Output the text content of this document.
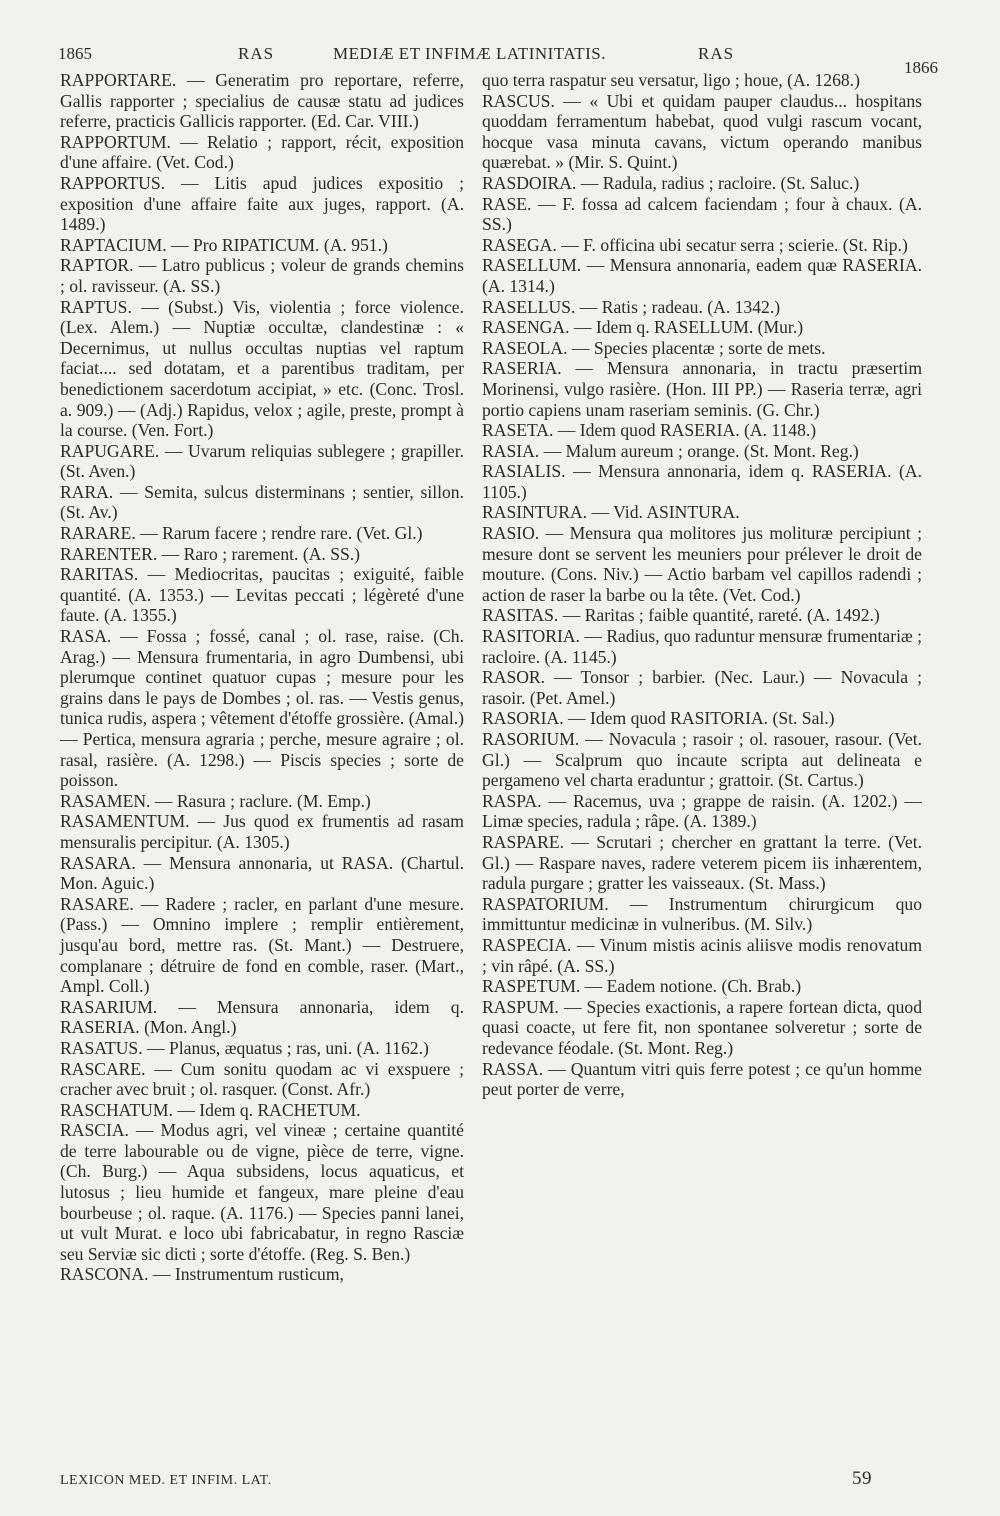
1865	RAS	MEDIÆ ET INFIMÆ LATINITATIS.	RAS
1866

RAPPORTARE. — Generatim pro reportare, referre, Gallis rapporter ; specialius de causæ statu ad judices referre, practicis Gallicis rapporter. (Ed. Car. VIII.)

RAPPORTUM. — Relatio ; rapport, récit, exposition d'une affaire. (Vet. Cod.)

RAPPORTUS. — Litis apud judices expositio ; exposition d'une affaire faite aux juges, rapport. (A. 1489.)

RAPTACIUM. — Pro RIPATICUM. (A. 951.)

RAPTOR. — Latro publicus ; voleur de grands chemins ; ol. ravisseur. (A. SS.)

RAPTUS. — (Subst.) Vis, violentia ; force violence. (Lex. Alem.) — Nuptiæ occultæ, clandestinæ : « Decernimus, ut nullus occultas nuptias vel raptum faciat.... sed dotatam, et a parentibus traditam, per benedictionem sacerdotum accipiat, » etc. (Conc. Trosl. a. 909.) — (Adj.) Rapidus, velox ; agile, preste, prompt à la course. (Ven. Fort.)

RAPUGARE. — Uvarum reliquias sublegere ; grapiller. (St. Aven.)

RARA. — Semita, sulcus disterminans ; sentier, sillon. (St. Av.)

RARARE. — Rarum facere ; rendre rare. (Vet. Gl.)

RARENTER. — Raro ; rarement. (A. SS.)

RARITAS. — Mediocritas, paucitas ; exiguité, faible quantité. (A. 1353.) — Levitas peccati ; légèreté d'une faute. (A. 1355.)

RASA. — Fossa ; fossé, canal ; ol. rase, raise. (Ch. Arag.) — Mensura frumentaria, in agro Dumbensi, ubi plerumque continet quatuor cupas ; mesure pour les grains dans le pays de Dombes ; ol. ras. — Vestis genus, tunica rudis, aspera ; vêtement d'étoffe grossière. (Amal.) — Pertica, mensura agraria ; perche, mesure agraire ; ol. rasal, rasière. (A. 1298.) — Piscis species ; sorte de poisson.

RASAMEN. — Rasura ; raclure. (M. Emp.)

RASAMENTUM. — Jus quod ex frumentis ad rasam mensuralis percipitur. (A. 1305.)

RASARA. — Mensura annonaria, ut RASA. (Chartul. Mon. Aguic.)

RASARE. — Radere ; racler, en parlant d'une mesure. (Pass.) — Omnino implere ; remplir entièrement, jusqu'au bord, mettre ras. (St. Mant.) — Destruere, complanare ; détruire de fond en comble, raser. (Mart., Ampl. Coll.)

RASARIUM. — Mensura annonaria, idem q. RASERIA. (Mon. Angl.)

RASATUS. — Planus, æquatus ; ras, uni. (A. 1162.)

RASCARE. — Cum sonitu quodam ac vi exspuere ; cracher avec bruit ; ol. rasquer. (Const. Afr.)

RASCHATUM. — Idem q. RACHETUM.

RASCIA. — Modus agri, vel vineæ ; certaine quantité de terre labourable ou de vigne, pièce de terre, vigne. (Ch. Burg.) — Aqua subsidens, locus aquaticus, et lutosus ; lieu humide et fangeux, mare pleine d'eau bourbeuse ; ol. raque. (A. 1176.) — Species panni lanei, ut vult Murat. e loco ubi fabricabatur, in regno Rasciæ seu Serviæ sic dicti ; sorte d'étoffe. (Reg. S. Ben.)

RASCONA. — Instrumentum rusticum,

quo terra raspatur seu versatur, ligo ; houe, (A. 1268.)

RASCUS. — « Ubi et quidam pauper claudus... hospitans quoddam ferramentum habebat, quod vulgi rascum vocant, hocque vasa minuta cavans, victum operando manibus quærebat. » (Mir. S. Quint.)

RASDOIRA. — Radula, radius ; racloire. (St. Saluc.)

RASE. — F. fossa ad calcem faciendam ; four à chaux. (A. SS.)

RASEGA. — F. officina ubi secatur serra ; scierie. (St. Rip.)

RASELLUM. — Mensura annonaria, eadem quæ RASERIA. (A. 1314.)

RASELLUS. — Ratis ; radeau. (A. 1342.)

RASENGA. — Idem q. RASELLUM. (Mur.)

RASEOLA. — Species placentæ ; sorte de mets.

RASERIA. — Mensura annonaria, in tractu præsertim Morinensi, vulgo rasière. (Hon. III PP.) — Raseria terræ, agri portio capiens unam raseriam seminis. (G. Chr.)

RASETA. — Idem quod RASERIA. (A. 1148.)

RASIA. — Malum aureum ; orange. (St. Mont. Reg.)

RASIALIS. — Mensura annonaria, idem q. RASERIA. (A. 1105.)

RASINTURA. — Vid. ASINTURA.

RASIO. — Mensura qua molitores jus molituræ percipiunt ; mesure dont se servent les meuniers pour prélever le droit de mouture. (Cons. Niv.) — Actio barbam vel capillos radendi ; action de raser la barbe ou la tête. (Vet. Cod.)

RASITAS. — Raritas ; faible quantité, rareté. (A. 1492.)

RASITORIA. — Radius, quo raduntur mensuræ frumentariæ ; racloire. (A. 1145.)

RASOR. — Tonsor ; barbier. (Nec. Laur.) — Novacula ; rasoir. (Pet. Amel.)

RASORIA. — Idem quod RASITORIA. (St. Sal.)

RASORIUM. — Novacula ; rasoir ; ol. rasouer, rasour. (Vet. Gl.) — Scalprum quo incaute scripta aut delineata e pergameno vel charta eraduntur ; grattoir. (St. Cartus.)

RASPA. — Racemus, uva ; grappe de raisin. (A. 1202.) — Limæ species, radula ; râpe. (A. 1389.)

RASPARE. — Scrutari ; chercher en grattant la terre. (Vet. Gl.) — Raspare naves, radere veterem picem iis inhærentem, radula purgare ; gratter les vaisseaux. (St. Mass.)

RASPATORIUM. — Instrumentum chirurgicum quo immittuntur medicinæ in vulneribus. (M. Silv.)

RASPECIA. — Vinum mistis acinis aliisve modis renovatum ; vin râpé. (A. SS.)

RASPETUM. — Eadem notione. (Ch. Brab.)

RASPUM. — Species exactionis, a rapere fortean dicta, quod quasi coacte, ut fere fit, non spontanee solveretur ; sorte de redevance féodale. (St. Mont. Reg.)

RASSA. — Quantum vitri quis ferre potest ; ce qu'un homme peut porter de verre,

LEXICON MED. ET INFIM. LAT.	59
